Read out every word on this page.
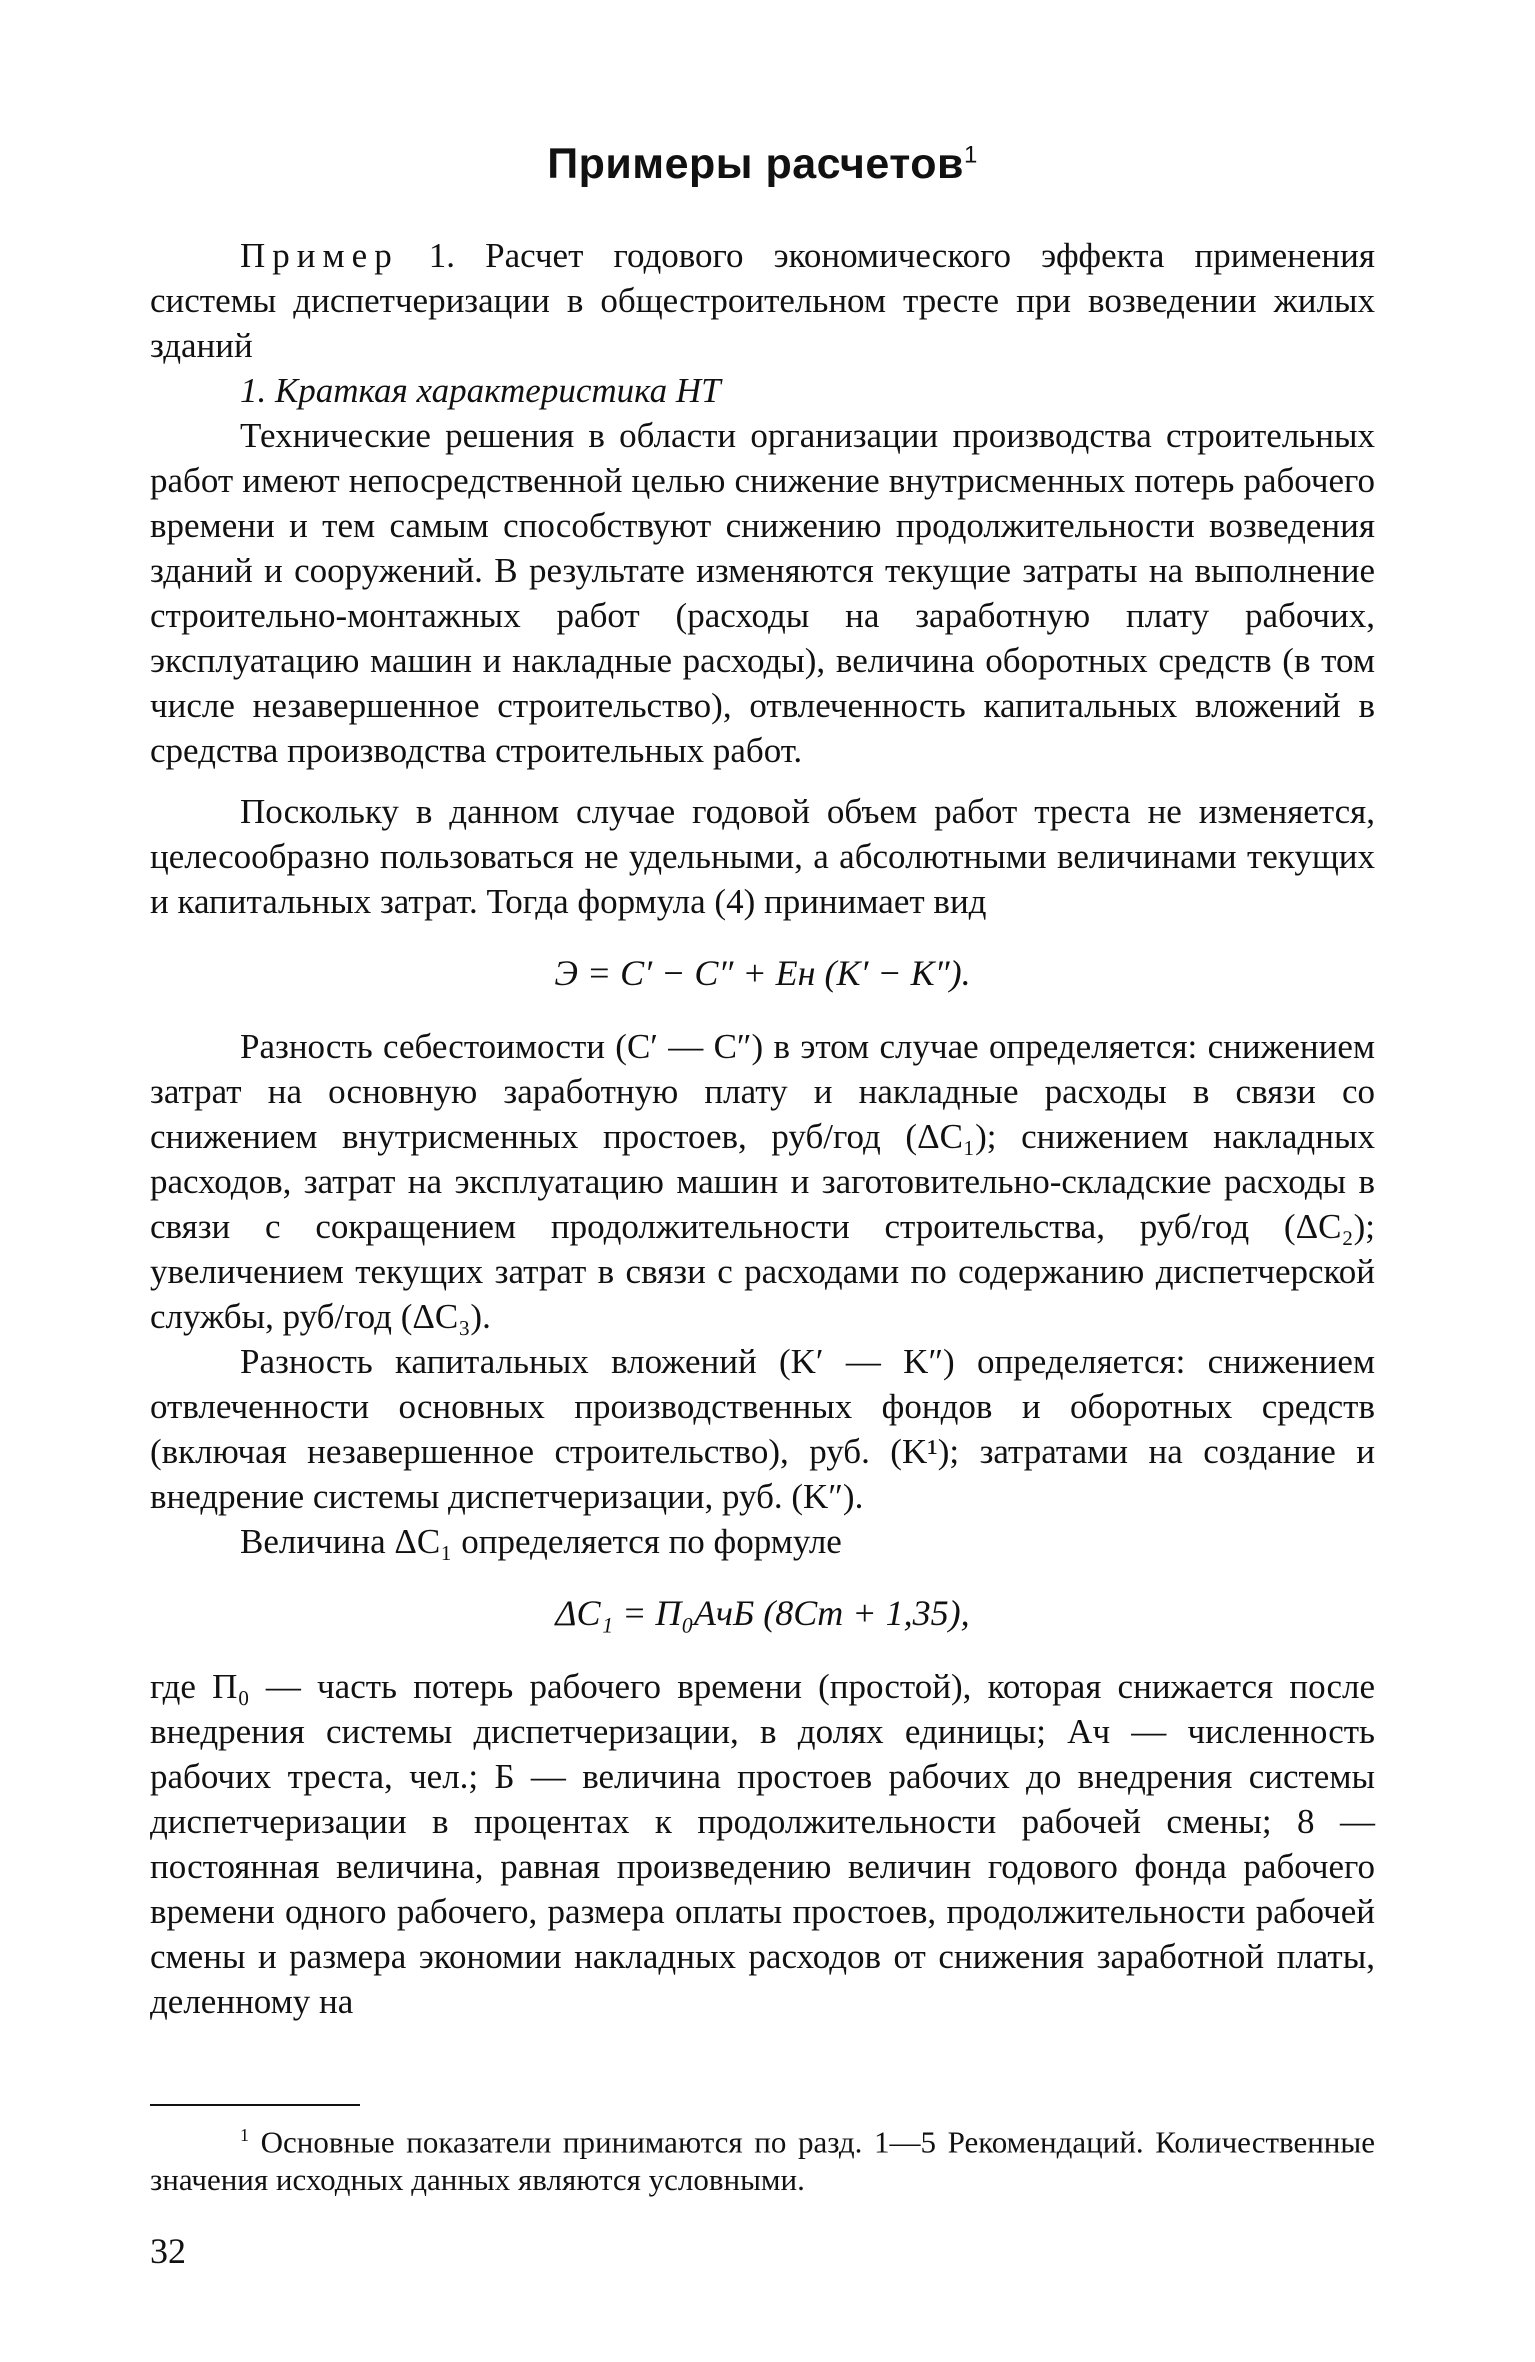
Примеры расчетов$^1$

Пример 1. Расчет годового экономического эффекта применения системы диспетчеризации в общестроительном тресте при возведении жилых зданий

1. Краткая характеристика НТ

Технические решения в области организации производства строительных работ имеют непосредственной целью снижение внутрисменных потерь рабочего времени и тем самым способствуют снижению продолжительности возведения зданий и сооружений. В результате изменяются текущие затраты на выполнение строительно-монтажных работ (расходы на заработную плату рабочих, эксплуатацию машин и накладные расходы), величина оборотных средств (в том числе незавершенное строительство), отвлеченность капитальных вложений в средства производства строительных работ.

Поскольку в данном случае годовой объем работ треста не изменяется, целесообразно пользоваться не удельными, а абсолютными величинами текущих и капитальных затрат. Тогда формула (4) принимает вид

Э = C′ − C″ + Eн (K′ − K″).

Разность себестоимости (C′ — C″) в этом случае определяется: снижением затрат на основную заработную плату и накладные расходы в связи со снижением внутрисменных простоев, руб/год (ΔC₁); снижением накладных расходов, затрат на эксплуатацию машин и заготовительно-складские расходы в связи с сокращением продолжительности строительства, руб/год (ΔC₂); увеличением текущих затрат в связи с расходами по содержанию диспетчерской службы, руб/год (ΔC₃).

Разность капитальных вложений (K′ — K″) определяется: снижением отвлеченности основных производственных фондов и оборотных средств (включая незавершенное строительство), руб. (K¹); затратами на создание и внедрение системы диспетчеризации, руб. (K″).

Величина ΔC₁ определяется по формуле

ΔC₁ = П₀AчБ (8Cт + 1,35),

где П₀ — часть потерь рабочего времени (простой), которая снижается после внедрения системы диспетчеризации, в долях единицы; Aч — численность рабочих треста, чел.; Б — величина простоев рабочих до внедрения системы диспетчеризации в процентах к продолжительности рабочей смены; 8 — постоянная величина, равная произведению величин годового фонда рабочего времени одного рабочего, размера оплаты простоев, продолжительности рабочей смены и размера экономии накладных расходов от снижения заработной платы, деленному на

$^1$ Основные показатели принимаются по разд. 1—5 Рекомендаций. Количественные значения исходных данных являются условными.

32
